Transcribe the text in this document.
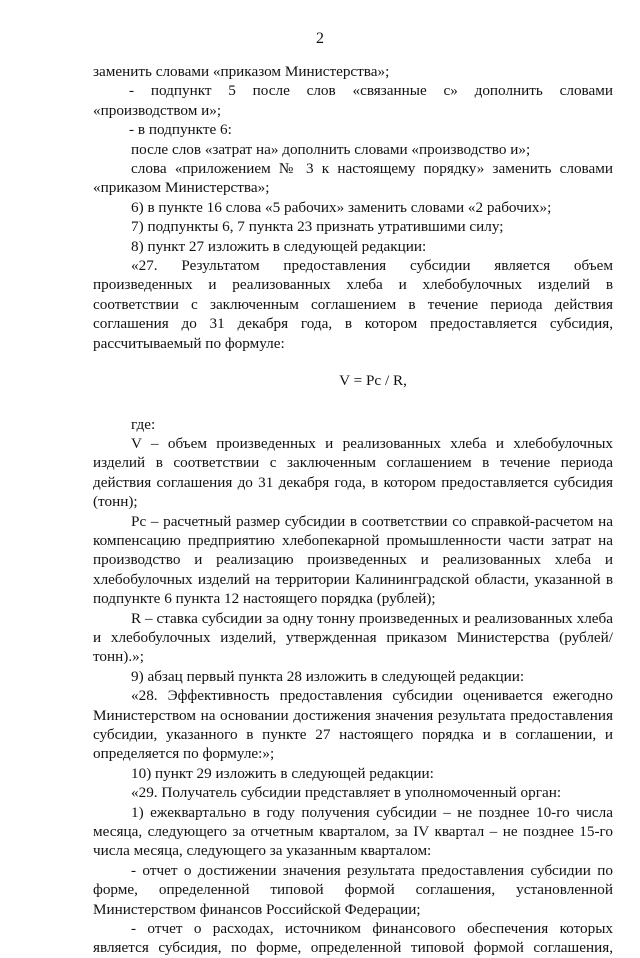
2

заменить словами «приказом Министерства»;

- подпункт 5 после слов «связанные с» дополнить словами «производством и»;

- в подпункте 6:

после слов «затрат на» дополнить словами «производство и»;

слова «приложением № 3 к настоящему порядку» заменить словами «приказом Министерства»;

6) в пункте 16 слова «5 рабочих» заменить словами «2 рабочих»;

7) подпункты 6, 7 пункта 23 признать утратившими силу;

8) пункт 27 изложить в следующей редакции:

«27. Результатом предоставления субсидии является объем произведенных и реализованных хлеба и хлебобулочных изделий в соответствии с заключенным соглашением в течение периода действия соглашения до 31 декабря года, в котором предоставляется субсидия, рассчитываемый по формуле:

V = Pc / R,

где:

V – объем произведенных и реализованных хлеба и хлебобулочных изделий в соответствии с заключенным соглашением в течение периода действия соглашения до 31 декабря года, в котором предоставляется субсидия (тонн);

Pc – расчетный размер субсидии в соответствии со справкой-расчетом на компенсацию предприятию хлебопекарной промышленности части затрат на производство и реализацию произведенных и реализованных хлеба и хлебобулочных изделий на территории Калининградской области, указанной в подпункте 6 пункта 12 настоящего порядка (рублей);

R – ставка субсидии за одну тонну произведенных и реализованных хлеба и хлебобулочных изделий, утвержденная приказом Министерства (рублей/тонн).»;

9) абзац первый пункта 28 изложить в следующей редакции:

«28. Эффективность предоставления субсидии оценивается ежегодно Министерством на основании достижения значения результата предоставления субсидии, указанного в пункте 27 настоящего порядка и в соглашении, и определяется по формуле:»;

10) пункт 29 изложить в следующей редакции:

«29. Получатель субсидии представляет в уполномоченный орган:

1) ежеквартально в году получения субсидии – не позднее 10-го числа месяца, следующего за отчетным кварталом, за IV квартал – не позднее 15-го числа месяца, следующего за указанным кварталом:

- отчет о достижении значения результата предоставления субсидии по форме, определенной типовой формой соглашения, установленной Министерством финансов Российской Федерации;

- отчет о расходах, источником финансового обеспечения которых является субсидия, по форме, определенной типовой формой соглашения,
